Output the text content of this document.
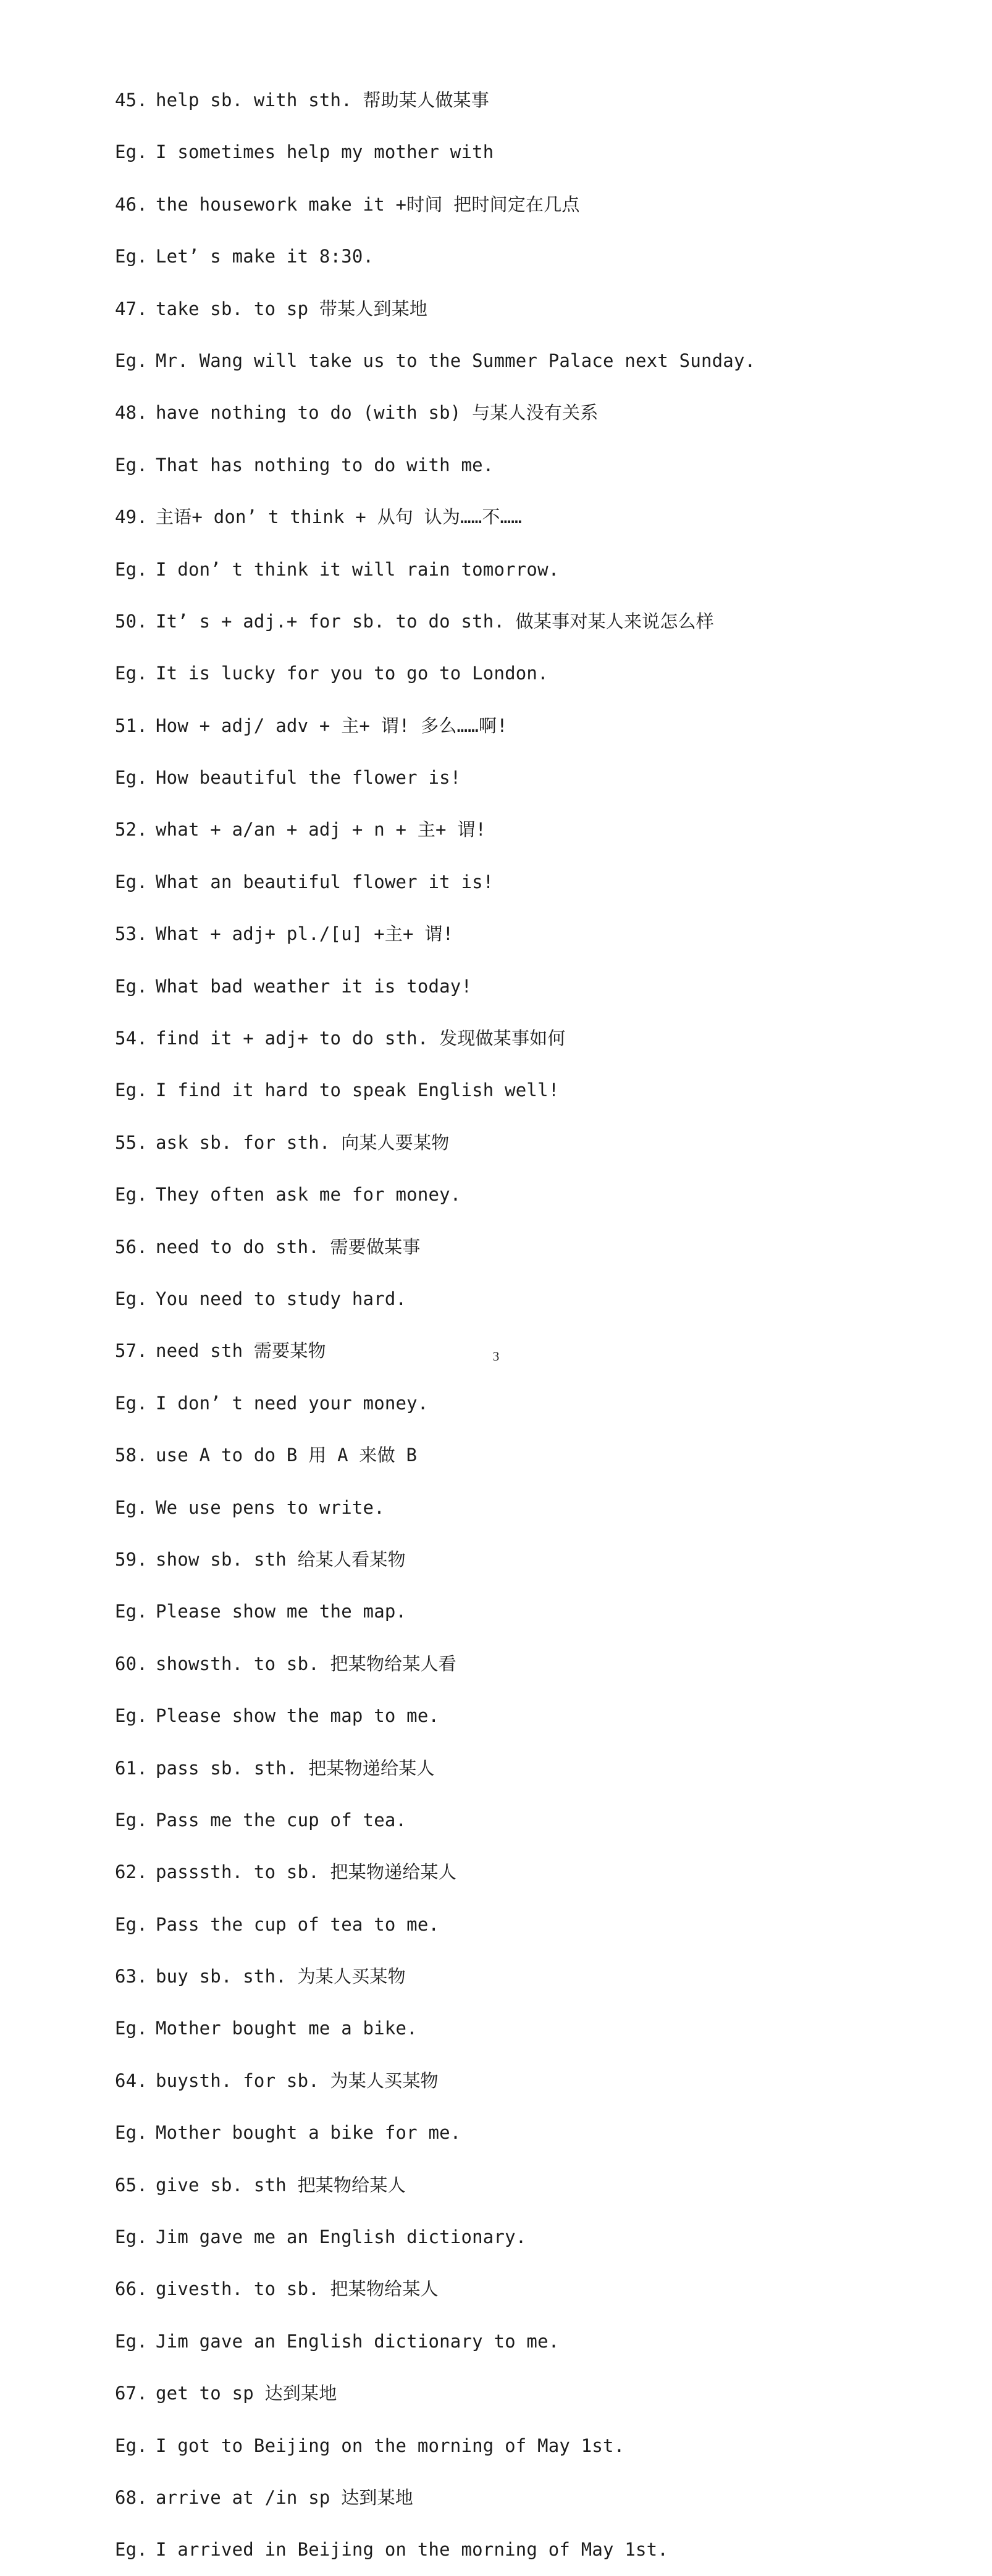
45. help sb. with sth. 帮助某人做某事
Eg. I sometimes help my mother with
46. the housework make it +时间 把时间定在几点
Eg. Let’ s make it 8:30.
47. take sb. to sp 带某人到某地
Eg. Mr. Wang will take us to the Summer Palace next Sunday.
48. have nothing to do (with sb) 与某人没有关系
Eg. That has nothing to do with me.
49. 主语+ don’ t think + 从句 认为……不……
Eg. I don’ t think it will rain tomorrow.
50. It’ s + adj.+ for sb. to do sth. 做某事对某人来说怎么样
Eg. It is lucky for you to go to London.
51. How + adj/ adv + 主+ 谓! 多么……啊!
Eg. How beautiful the flower is!
52. what + a/an + adj + n + 主+ 谓!
Eg. What an beautiful flower it is!
53. What + adj+ pl./[u] +主+ 谓!
Eg. What bad weather it is today!
54. find it + adj+ to do sth. 发现做某事如何
Eg. I find it hard to speak English well!
55. ask sb. for sth. 向某人要某物
Eg. They often ask me for money.
56. need to do sth. 需要做某事
Eg. You need to study hard.
57. need sth 需要某物
Eg. I don’ t need your money.
58. use A to do B 用 A 来做 B
Eg. We use pens to write.
59. show sb. sth 给某人看某物
Eg. Please show me the map.
60. showsth. to sb. 把某物给某人看
Eg. Please show the map to me.
61. pass sb. sth. 把某物递给某人
Eg. Pass me the cup of tea.
62. passsth. to sb. 把某物递给某人
Eg. Pass the cup of tea to me.
63. buy sb. sth. 为某人买某物
Eg. Mother bought me a bike.
64. buysth. for sb. 为某人买某物
Eg. Mother bought a bike for me.
65. give sb. sth 把某物给某人
Eg. Jim gave me an English dictionary.
66. givesth. to sb. 把某物给某人
Eg. Jim gave an English dictionary to me.
67. get to sp 达到某地
Eg. I got to Beijing on the morning of May 1st.
68. arrive at /in sp 达到某地
Eg. I arrived in Beijing on the morning of May 1st.
3
